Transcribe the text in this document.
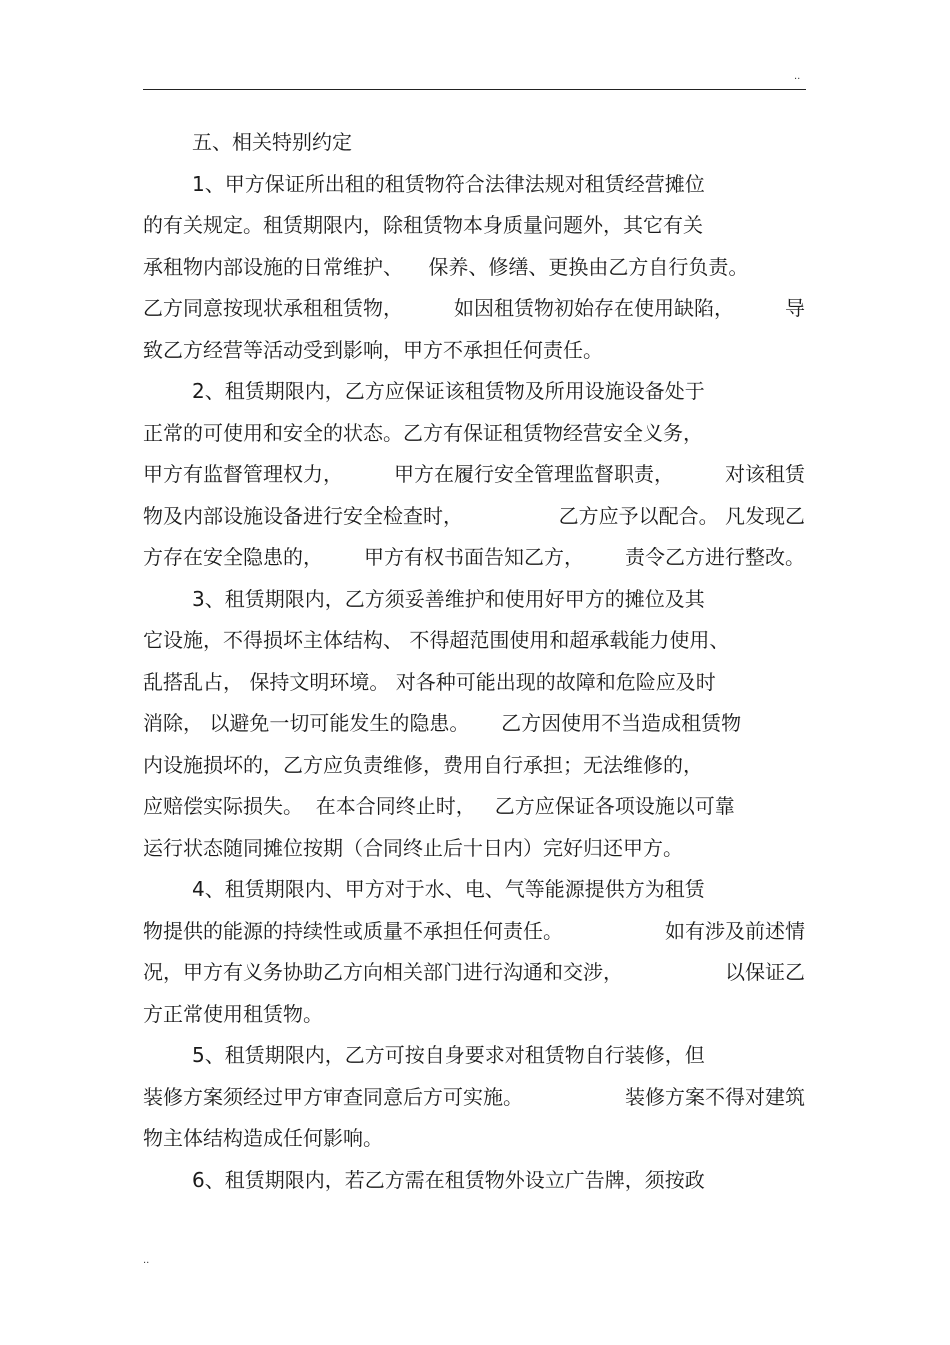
..
五、相关特别约定
1、甲方保证所出租的租赁物符合法律法规对租赁经营摊位
的有关规定。租赁期限内，除租赁物本身质量问题外，其它有关
承租物内部设施的日常维护、    保养、修缮、更换由乙方自行负责。
乙方同意按现状承租租赁物，	如因租赁物初始存在使用缺陷，	导
致乙方经营等活动受到影响，甲方不承担任何责任。
2、租赁期限内，乙方应保证该租赁物及所用设施设备处于
正常的可使用和安全的状态。乙方有保证租赁物经营安全义务，
甲方有监督管理权力，	甲方在履行安全管理监督职责，	对该租赁
物及内部设施设备进行安全检查时，	乙方应予以配合。 凡发现乙
方存在安全隐患的， 甲方有权书面告知乙方， 责令乙方进行整改。
3、租赁期限内，乙方须妥善维护和使用好甲方的摊位及其
它设施，不得损坏主体结构、 不得超范围使用和超承载能力使用、
乱搭乱占， 保持文明环境。 对各种可能出现的故障和危险应及时
消除， 以避免一切可能发生的隐患。     乙方因使用不当造成租赁物
内设施损坏的，乙方应负责维修，费用自行承担；无法维修的，
应赔偿实际损失。  在本合同终止时，   乙方应保证各项设施以可靠
运行状态随同摊位按期（合同终止后十日内）完好归还甲方。
4、租赁期限内、甲方对于水、电、气等能源提供方为租赁
物提供的能源的持续性或质量不承担任何责任。	如有涉及前述情
况，甲方有义务协助乙方向相关部门进行沟通和交涉，	以保证乙
方正常使用租赁物。
5、租赁期限内，乙方可按自身要求对租赁物自行装修，但
装修方案须经过甲方审查同意后方可实施。	装修方案不得对建筑
物主体结构造成任何影响。
6、租赁期限内，若乙方需在租赁物外设立广告牌，须按政
..
